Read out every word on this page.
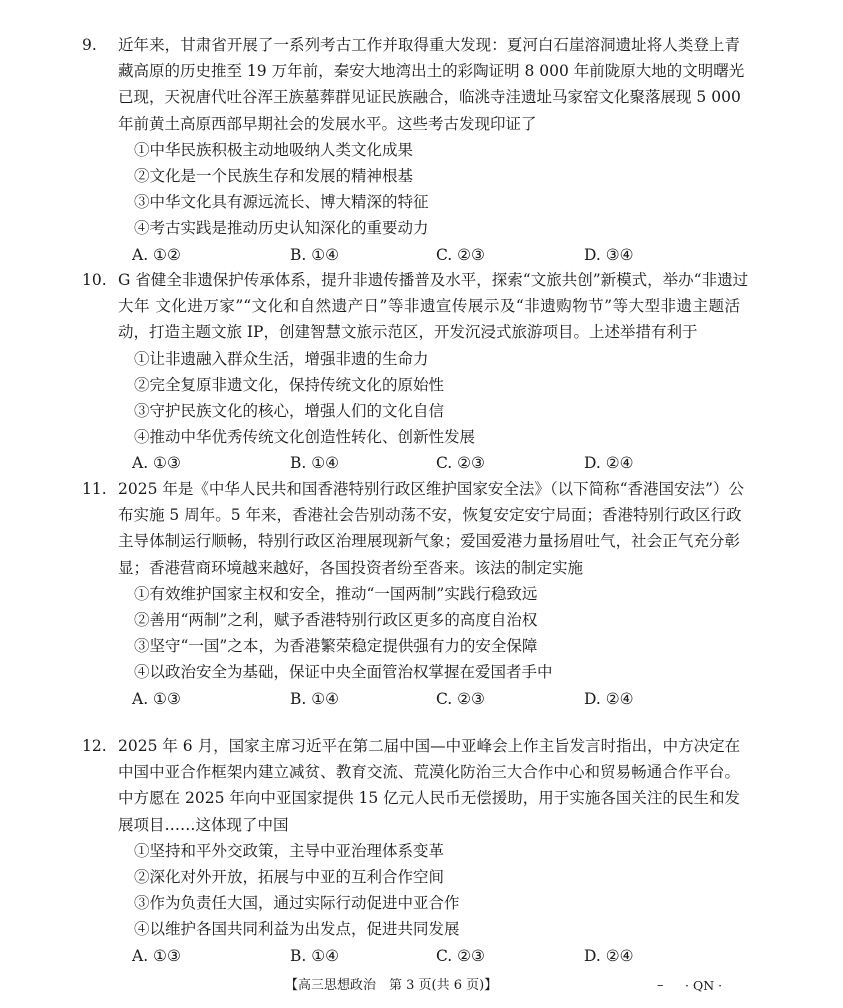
9. 近年来，甘肃省开展了一系列考古工作并取得重大发现：夏河白石崖溶洞遗址将人类登上青
藏高原的历史推至 19 万年前，秦安大地湾出土的彩陶证明 8 000 年前陇原大地的文明曙光
已现，天祝唐代吐谷浑王族墓葬群见证民族融合，临洮寺洼遗址马家窑文化聚落展现 5 000
年前黄土高原西部早期社会的发展水平。这些考古发现印证了
①中华民族积极主动地吸纳人类文化成果
②文化是一个民族生存和发展的精神根基
③中华文化具有源远流长、博大精深的特征
④考古实践是推动历史认知深化的重要动力
A. ①②	B. ①④	C. ②③	D. ③④
10. G 省健全非遗保护传承体系，提升非遗传播普及水平，探索“文旅共创”新模式，举办“非遗过
大年 文化进万家”“文化和自然遗产日”等非遗宣传展示及“非遗购物节”等大型非遗主题活
动，打造主题文旅 IP，创建智慧文旅示范区，开发沉浸式旅游项目。上述举措有利于
①让非遗融入群众生活，增强非遗的生命力
②完全复原非遗文化，保持传统文化的原始性
③守护民族文化的核心，增强人们的文化自信
④推动中华优秀传统文化创造性转化、创新性发展
A. ①③	B. ①④	C. ②③	D. ②④
11. 2025 年是《中华人民共和国香港特别行政区维护国家安全法》（以下简称“香港国安法”）公
布实施 5 周年。5 年来，香港社会告别动荡不安，恢复安定安宁局面；香港特别行政区行政
主导体制运行顺畅，特别行政区治理展现新气象；爱国爱港力量扬眉吐气，社会正气充分彰
显；香港营商环境越来越好，各国投资者纷至沓来。该法的制定实施
①有效维护国家主权和安全，推动“一国两制”实践行稳致远
②善用“两制”之利，赋予香港特别行政区更多的高度自治权
③坚守“一国”之本，为香港繁荣稳定提供强有力的安全保障
④以政治安全为基础，保证中央全面管治权掌握在爱国者手中
A. ①③	B. ①④	C. ②③	D. ②④
12. 2025 年 6 月，国家主席习近平在第二届中国—中亚峰会上作主旨发言时指出，中方决定在
中国中亚合作框架内建立减贫、教育交流、荒漠化防治三大合作中心和贸易畅通合作平台。
中方愿在 2025 年向中亚国家提供 15 亿元人民币无偿援助，用于实施各国关注的民生和发
展项目……这体现了中国
①坚持和平外交政策，主导中亚治理体系变革
②深化对外开放，拓展与中亚的互利合作空间
③作为负责任大国，通过实际行动促进中亚合作
④以维护各国共同利益为出发点，促进共同发展
A. ①③	B. ①④	C. ②③	D. ②④
【高三思想政治　第 3 页(共 6 页)】	– · QN ·
